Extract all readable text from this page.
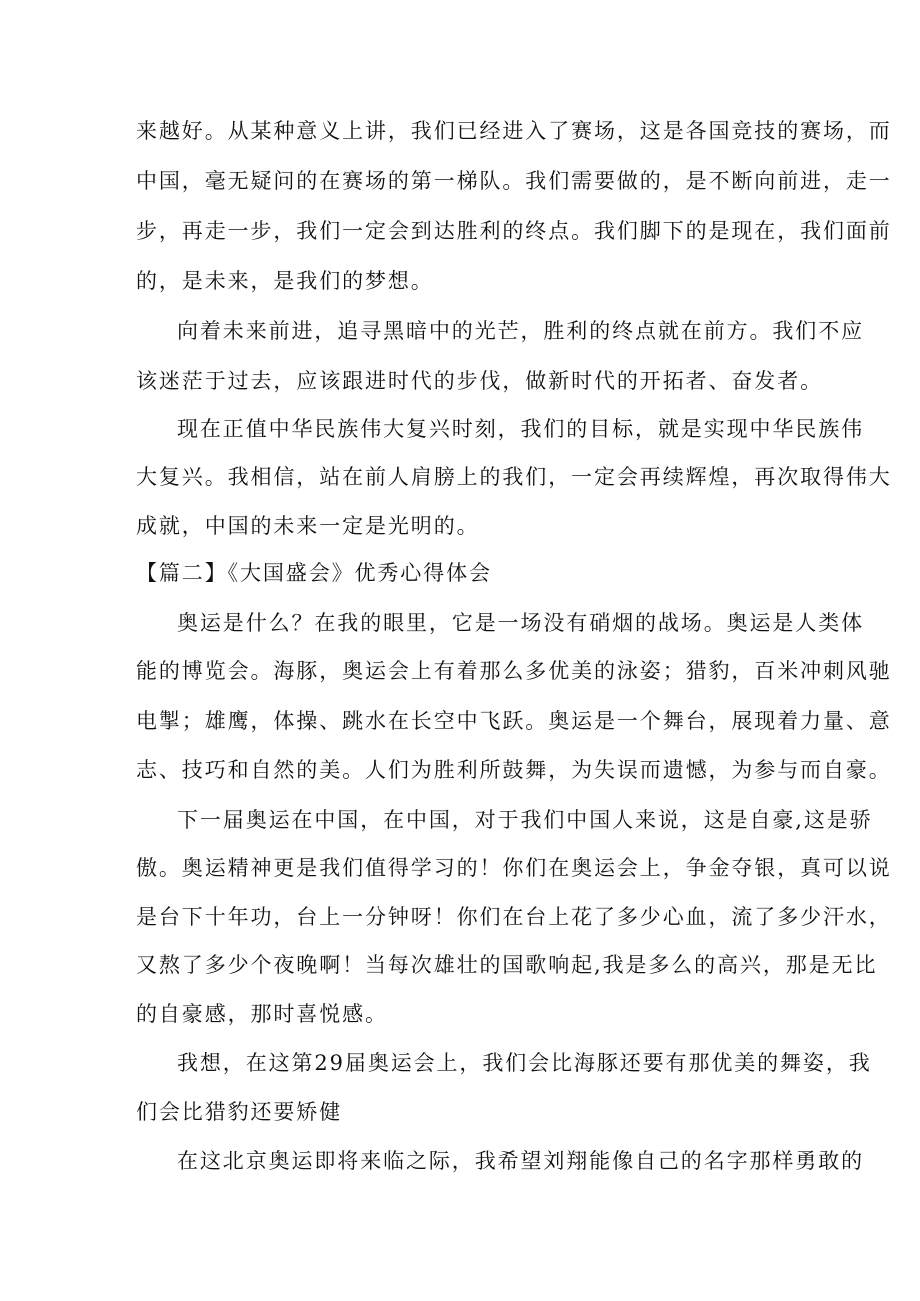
来越好。从某种意义上讲，我们已经进入了赛场，这是各国竞技的赛场，而
中国，毫无疑问的在赛场的第一梯队。我们需要做的，是不断向前进，走一
步，再走一步，我们一定会到达胜利的终点。我们脚下的是现在，我们面前
的，是未来，是我们的梦想。
向着未来前进，追寻黑暗中的光芒，胜利的终点就在前方。我们不应
该迷茫于过去，应该跟进时代的步伐，做新时代的开拓者、奋发者。
现在正值中华民族伟大复兴时刻，我们的目标，就是实现中华民族伟
大复兴。我相信，站在前人肩膀上的我们，一定会再续辉煌，再次取得伟大
成就，中国的未来一定是光明的。
【篇二】《大国盛会》优秀心得体会
奥运是什么？在我的眼里，它是一场没有硝烟的战场。奥运是人类体
能的博览会。海豚，奥运会上有着那么多优美的泳姿；猎豹，百米冲刺风驰
电掣；雄鹰，体操、跳水在长空中飞跃。奥运是一个舞台，展现着力量、意
志、技巧和自然的美。人们为胜利所鼓舞，为失误而遗憾，为参与而自豪。
下一届奥运在中国，在中国，对于我们中国人来说，这是自豪,这是骄
傲。奥运精神更是我们值得学习的！你们在奥运会上，争金夺银，真可以说
是台下十年功，台上一分钟呀！你们在台上花了多少心血，流了多少汗水，
又熬了多少个夜晚啊！当每次雄壮的国歌响起,我是多么的高兴，那是无比
的自豪感，那时喜悦感。
我想，在这第29届奥运会上，我们会比海豚还要有那优美的舞姿，我
们会比猎豹还要矫健
在这北京奥运即将来临之际，我希望刘翔能像自己的名字那样勇敢的
